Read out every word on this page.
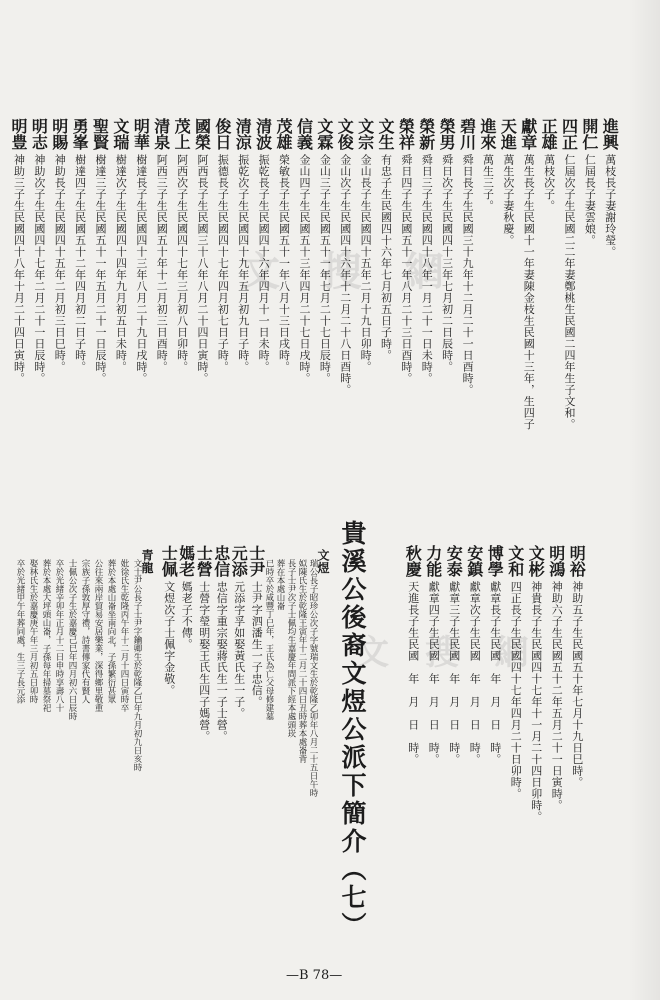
文 搜 網
文 搜 網
進興
萬枝長子妻謝玲瑩。
開仁
仁屆長子妻雲娘。
四正
仁屆次子生民國二二年妻鄭桃生民國二四年生子文和。
正雄
萬枝次子。
獻章
萬生長子生民國十一年妻陳金枝生民國十三年，生四子
天進
萬生次子妻秋慶。
進來
萬生三子。
碧川
舜日長子生民國三十九年十二月二十一日酉時。
榮男
舜日次子生民國四十三年七月初二日辰時。
榮新
舜日三子生民國四十八年一月二十一日未時。
榮祥
舜日四子生民國五十一年八月二十三日酉時。
文生
有忠子生民國四十六年七月初五日子時。
文宗
金山長子生民國四十五年二月十九日卯時。
文俊
金山次子生民國四十六年十二月二十八日酉時。
文霖
金山三子生民國五十一年七月二十七日辰時。
信義
金山四子生民國五十三年四月二十七日戌時。
茂雄
榮敏長子生民國五十一年八月十三日戌時。
清波
振乾長子生民國四十六年四月十一日未時。
清涼
振乾次子生民國四十九年五月初九日子時。
俊日
振德長子生民國四十七年四月初七日子時。
國榮
阿西長子生民國三十八年八月二十四日寅時。
茂上
阿西次子生民國四十七年三月初八日卯時。
清泉
阿西三子生民國五十年十二月初三日酉時。
明華
樹達長子生民國四十三年八月二十九日戌時。
文瑞
樹達次子生民國四十四年九月初五日未時。
聖賢
樹達三子生民國五十一年五月二十一日辰時。
勇峯
樹達四子生民國五十二年四月初二日子時。
明賜
神助長子生民國四十五年二月初三日巳時。
明志
神助次子生民國四十七年二月二十一日辰時。
明豊
神助三子生民國四十八年十月二十四日寅時。
明裕
神助五子生民國五十年七月十九日巳時。
明鴻
神助六子生民國五十二年五月二十一日寅時。
文彬
神貴長子生民國四十七年十一月二十四日卯時。
文和
四正長子生民國四十七年四月二十日卯時。
博學
獻章長子生民國　年　月　日　時。
安鎮
獻章次子生民國　年　月　日　時。
安泰
獻章三子生民國　年　月　日　時。
力能
獻章四子生民國　年　月　日　時。
秋慶
天進長子生民國　年　月　日　時。
貴溪公後裔文煜公派下簡介（七）
文煜
瑞公長子昭珍公次子字號瑞文生於乾隆乙卯年八月二十五日午時
姒陳氏生於乾隆王寅年十二月二十四日丑時葬本處崙背
長子士尹次子士佩均生嘉慶年間派下經本處頭崁
葬在本處山崙
已時卒於咸豐丁巳年，王氏為亡父母修建墓
士尹
士尹字泗潘生一子忠信。
元添
元添字孚如娶黃氏生一子。
忠信
忠信字重宗娶蔣氏生一子士營。
士營
士營字瑩明娶王氏生四子媽營。
媽老
媽老子不傳。
士佩
文煜次子士佩字金敬。
青龍
文士尹公長子士尹字鑰卿生於乾隆乙巳年九月初九日亥時
妣徐氏生乾隆丙午年十二月十四日寅時卒
葬於本處山崙坐南向北，子孫繁衍甚眾
公往來兩岸貿易安居樂業，深得鄉里敬重
宗族子孫敦厚守禮，詩書傳家代有賢人
士佩公次子生於嘉慶己巳年四月初六日辰時
卒於光緒辛卯年正月十二日申時享壽八十
葬於本處大坪頭山崙，子孫每年掃墓祭祀
娶林氏生於嘉慶庚午年三月初五日卯時
卒於光緒甲午年葬同處，生三子長元添
—B 78—
